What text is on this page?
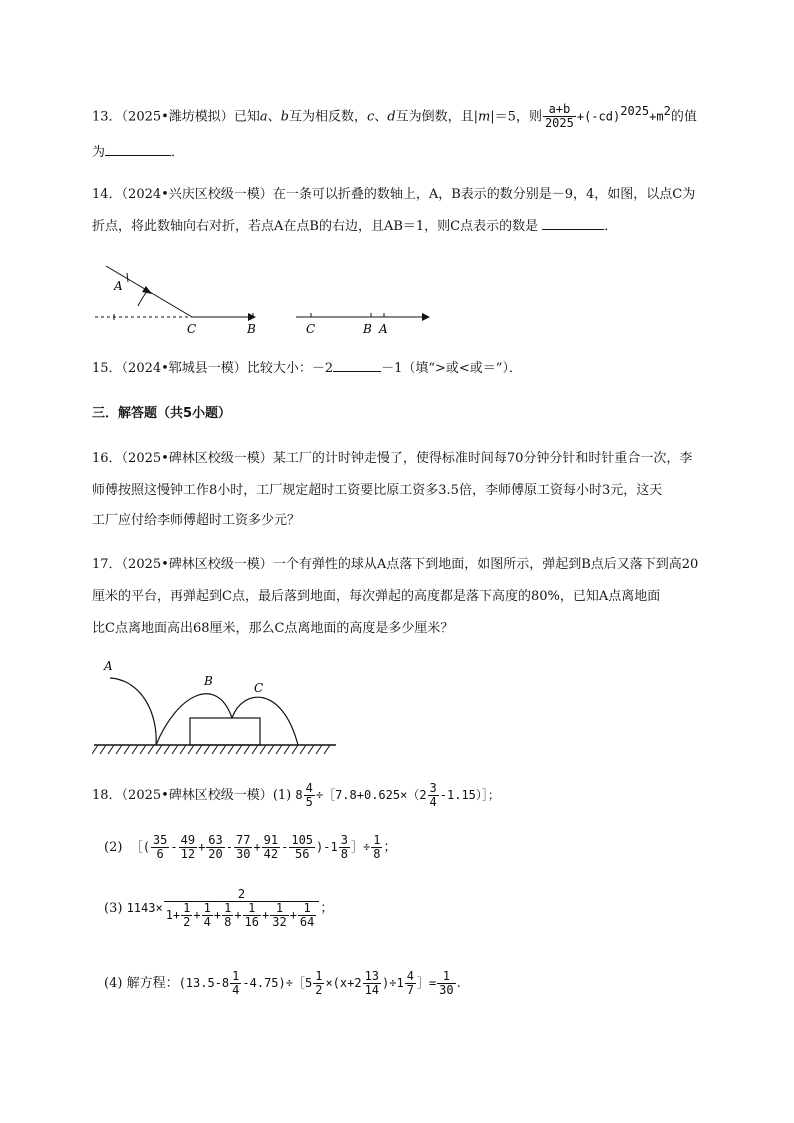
13．（2025•潍坊模拟）已知a、b互为相反数，c、d互为倒数，且|m|＝5，则 $\frac{a+b}{2025} +(-cd)^{2025}+m^2$的值
为	．
14．（2024•兴庆区校级一模）在一条可以折叠的数轴上，A，B表示的数分别是－9，4，如图，以点C为
折点，将此数轴向右对折，若点A在点B的右边，且AB＝1，则C点表示的数是	．
A
C	B	C	B A
15．（2024•郓城县一模）比较大小：－2	－1（填“>或<或＝”）．
三．解答题（共5小题）
16．（2025•碑林区校级一模）某工厂的计时钟走慢了，使得标准时间每70分钟分针和时针重合一次，李
师傅按照这慢钟工作8小时，工厂规定超时工资要比原工资多3.5倍，李师傅原工资每小时3元，这天
工厂应付给李师傅超时工资多少元？
17．（2025•碑林区校级一模）一个有弹性的球从A点落下到地面，如图所示，弹起到B点后又落下到高20
厘米的平台，再弹起到C点，最后落到地面，每次弹起的高度都是落下高度的80%，已知A点离地面
比C点离地面高出68厘米，那么C点离地面的高度是多少厘米？
A
B	C
18．（2025•碑林区校级一模）(1) $8 \frac{4}{5}$ ÷［7.8+0.625×（2 $\frac{3}{4}$ -1.15）］；
(2) ［( $\frac{35}{6} - \frac{49}{12} + \frac{63}{20} - \frac{77}{30} + \frac{91}{42} - \frac{105}{56} )-1 \frac{3}{8}$ ］÷ $\frac{1}{8}$ ；
(3) $1143\times \frac{2}{1+ \frac{1}{2} + \frac{1}{4} + \frac{1}{8} + \frac{1}{16} + \frac{1}{32} + \frac{1}{64}}$ ；
(4) 解方程：($13.5-8 \frac{1}{4}$ -4.75)÷［5 $\frac{1}{2} \times(x+2 \frac{13}{14} )\div 1 \frac{4}{7}$ ］= $\frac{1}{30}$ .
